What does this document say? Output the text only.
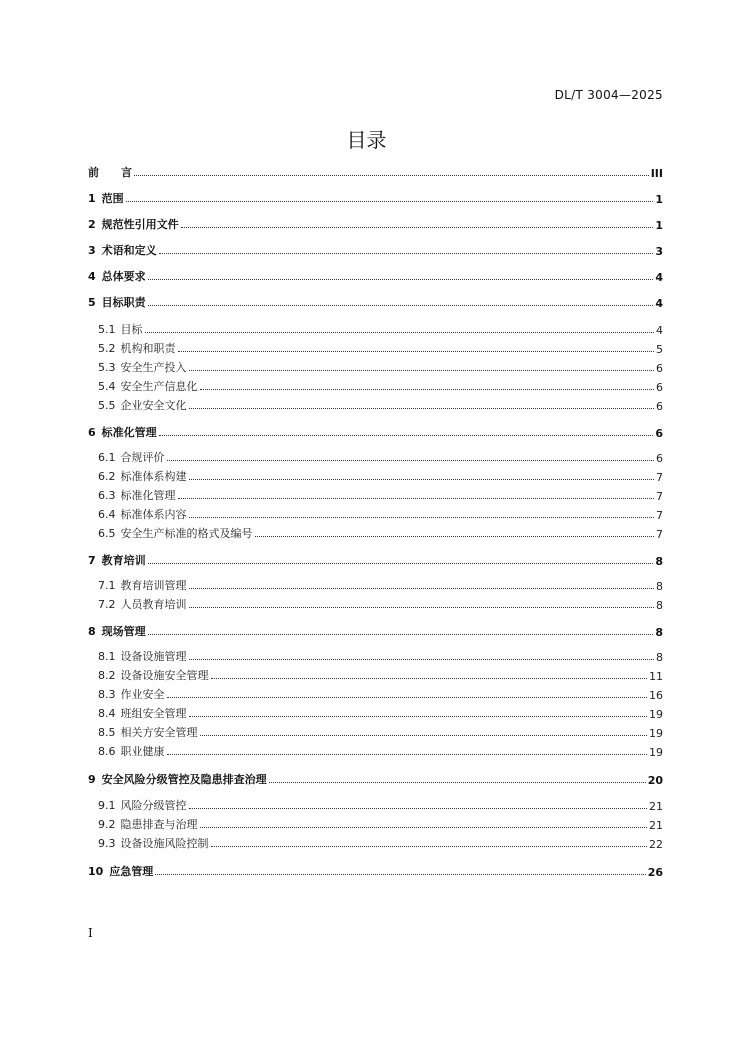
DL/T 3004—2025
目录
前　　言	III
1 范围	1
2 规范性引用文件	1
3 术语和定义	3
4 总体要求	4
5 目标职责	4
5.1 目标	4
5.2 机构和职责	5
5.3 安全生产投入	6
5.4 安全生产信息化	6
5.5 企业安全文化	6
6 标准化管理	6
6.1 合规评价	6
6.2 标准体系构建	7
6.3 标准化管理	7
6.4 标准体系内容	7
6.5 安全生产标准的格式及编号	7
7 教育培训	8
7.1 教育培训管理	8
7.2 人员教育培训	8
8 现场管理	8
8.1 设备设施管理	8
8.2 设备设施安全管理	11
8.3 作业安全	16
8.4 班组安全管理	19
8.5 相关方安全管理	19
8.6 职业健康	19
9 安全风险分级管控及隐患排查治理	20
9.1 风险分级管控	21
9.2 隐患排查与治理	21
9.3 设备设施风险控制	22
10 应急管理	26
I
